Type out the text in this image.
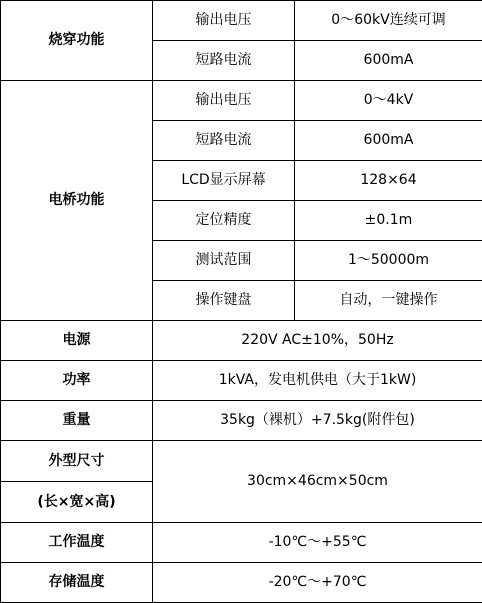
烧穿功能	输出电压	0～60kV连续可调
	短路电流	600mA
电桥功能	输出电压	0～4kV
	短路电流	600mA
	LCD显示屏幕	128×64
	定位精度	±0.1m
	测试范围	1～50000m
	操作键盘	自动，一键操作
电源	220V AC±10%，50Hz	
功率	1kVA，发电机供电（大于1kW)	
重量	35kg（裸机）+7.5kg(附件包)	

外型尺寸	30cm×46cm×50cm	

(长×宽×高)		

工作温度	-10℃～+55℃	
存储温度	-20℃～+70℃	
